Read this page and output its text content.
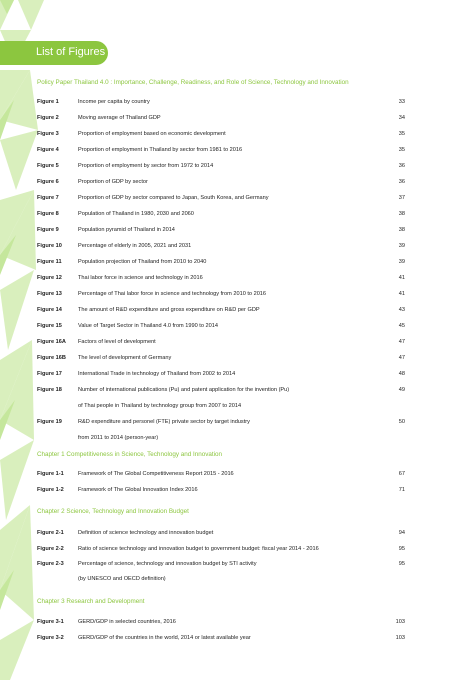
List of Figures
Policy Paper Thailand 4.0 : Importance, Challenge, Readiness, and Role of Science, Technology and Innovation
Figure 1	Income per capita by country	33
Figure 2	Moving average of Thailand GDP	34
Figure 3	Proportion of employment based on economic development	35
Figure 4	Proportion of employment in Thailand by sector from 1981 to 2016	35
Figure 5	Proportion of employment by sector from 1972 to 2014	36
Figure 6	Proportion of GDP by sector	36
Figure 7	Proportion of GDP by sector compared to Japan, South Korea, and Germany	37
Figure 8	Population of Thailand in 1980, 2030 and 2060	38
Figure 9	Population pyramid of Thailand in 2014	38
Figure 10	Percentage of elderly in 2005, 2021 and 2031	39
Figure 11	Population projection of Thailand from 2010 to 2040	39
Figure 12	Thai labor force in science and technology in 2016	41
Figure 13	Percentage of Thai labor force in science and technology from 2010 to 2016	41
Figure 14	The amount of R&D expenditure and gross expenditure on R&D per GDP	43
Figure 15	Value of Target Sector in Thailand 4.0 from 1990 to 2014	45
Figure 16A Factors of level of development	47
Figure 16B The level of development of Germany	47
Figure 17	International Trade in technology of Thailand from 2002 to 2014	48
Figure 18	Number of international publications (Pu) and patent application for the invention (Pu)	49
of Thai people in Thailand by technology group from 2007 to 2014
Figure 19	R&D expenditure and personel (FTE) private sector by target industry	50
from 2011 to 2014 (person-year)
Chapter 1 Competitiveness in Science, Technology and Innovation
Figure 1-1	Framework of The Global Competitiveness Report 2015 - 2016	67
Figure 1-2	Framework of The Global Innovation Index 2016	71
Chapter 2 Science, Technology and Innovation Budget
Figure 2-1	Definition of science technology and innovation budget	94
Figure 2-2	Ratio of science technology and innovation budget to government budget: fiscal year 2014 - 2016	95
Figure 2-3	Percentage of science, technology and innovation budget by STI activity	95
(by UNESCO and OECD definition)
Chapter 3 Research and Development
Figure 3-1	GERD/GDP in selected countries, 2016	103
Figure 3-2	GERD/GDP of the countries in the world, 2014 or latest available year	103
